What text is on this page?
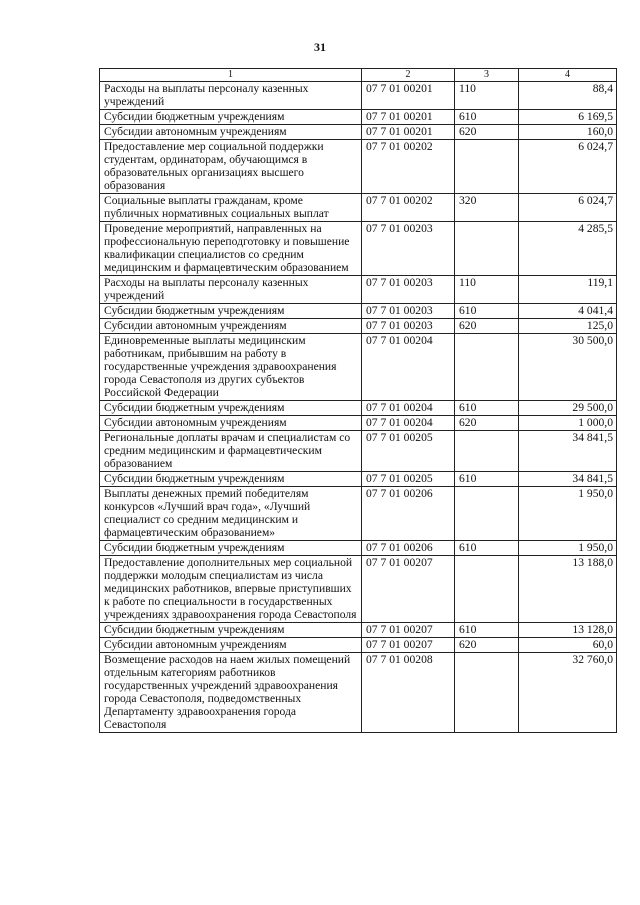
31
1	2	3	4
Расходы на выплаты персоналу казенных учреждений	07 7 01 00201	110	88,4
Субсидии бюджетным учреждениям	07 7 01 00201	610	6 169,5
Субсидии автономным учреждениям	07 7 01 00201	620	160,0
Предоставление мер социальной поддержки студентам, ординаторам, обучающимся в образовательных организациях высшего образования	07 7 01 00202		6 024,7
Социальные выплаты гражданам, кроме публичных нормативных социальных выплат	07 7 01 00202	320	6 024,7
Проведение мероприятий, направленных на профессиональную переподготовку и повышение квалификации специалистов со средним медицинским и фармацевтическим образованием	07 7 01 00203		4 285,5
Расходы на выплаты персоналу казенных учреждений	07 7 01 00203	110	119,1
Субсидии бюджетным учреждениям	07 7 01 00203	610	4 041,4
Субсидии автономным учреждениям	07 7 01 00203	620	125,0
Единовременные выплаты медицинским работникам, прибывшим на работу в государственные учреждения здравоохранения города Севастополя из других субъектов Российской Федерации	07 7 01 00204		30 500,0
Субсидии бюджетным учреждениям	07 7 01 00204	610	29 500,0
Субсидии автономным учреждениям	07 7 01 00204	620	1 000,0
Региональные доплаты врачам и специалистам со средним медицинским и фармацевтическим образованием	07 7 01 00205		34 841,5
Субсидии бюджетным учреждениям	07 7 01 00205	610	34 841,5
Выплаты денежных премий победителям конкурсов «Лучший врач года», «Лучший специалист со средним медицинским и фармацевтическим образованием»	07 7 01 00206		1 950,0
Субсидии бюджетным учреждениям	07 7 01 00206	610	1 950,0
Предоставление дополнительных мер социальной поддержки молодым специалистам из числа медицинских работников, впервые приступивших к работе по специальности в государственных учреждениях здравоохранения города Севастополя	07 7 01 00207		13 188,0
Субсидии бюджетным учреждениям	07 7 01 00207	610	13 128,0
Субсидии автономным учреждениям	07 7 01 00207	620	60,0
Возмещение расходов на наем жилых помещений отдельным категориям работников государственных учреждений здравоохранения города Севастополя, подведомственных Департаменту здравоохранения города Севастополя	07 7 01 00208		32 760,0
